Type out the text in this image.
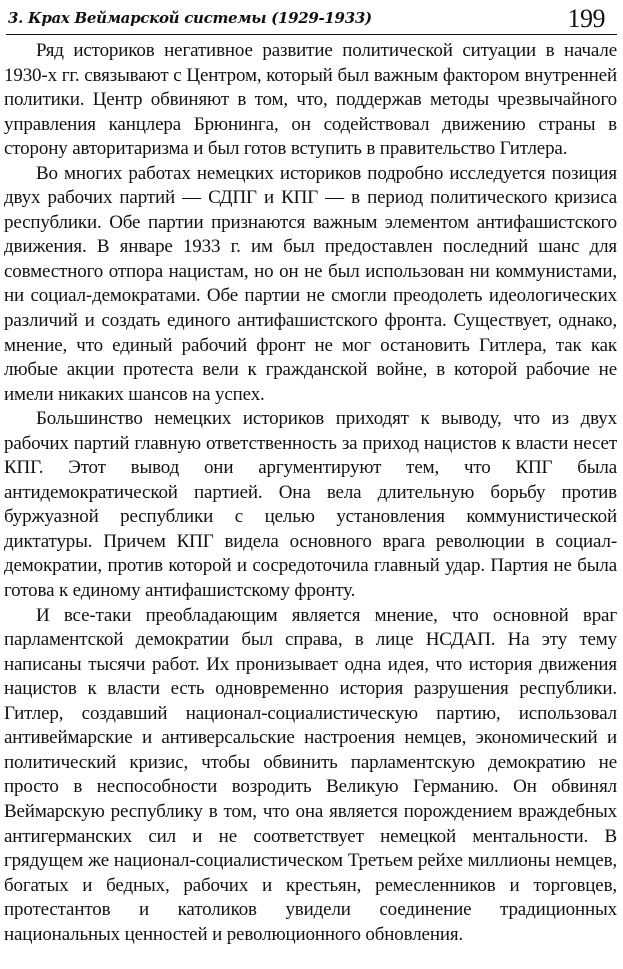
3. Крах Веймарской системы (1929-1933)	199

Ряд историков негативное развитие политической ситуации в начале 1930-х гг. связывают с Центром, который был важным фактором внутренней политики. Центр обвиняют в том, что, поддержав методы чрезвычайного управления канцлера Брюнинга, он содействовал движению страны в сторону авторитаризма и был готов вступить в правительство Гитлера.

Во многих работах немецких историков подробно исследуется позиция двух рабочих партий — СДПГ и КПГ — в период политического кризиса республики. Обе партии признаются важным элементом антифашистского движения. В январе 1933 г. им был предоставлен последний шанс для совместного отпора нацистам, но он не был использован ни коммунистами, ни социал-демократами. Обе партии не смогли преодолеть идеологических различий и создать единого антифашистского фронта. Существует, однако, мнение, что единый рабочий фронт не мог остановить Гитлера, так как любые акции протеста вели к гражданской войне, в которой рабочие не имели никаких шансов на успех.

Большинство немецких историков приходят к выводу, что из двух рабочих партий главную ответственность за приход нацистов к власти несет КПГ. Этот вывод они аргументируют тем, что КПГ была антидемократической партией. Она вела длительную борьбу против буржуазной республики с целью установления коммунистической диктатуры. Причем КПГ видела основного врага революции в социал-демократии, против которой и сосредоточила главный удар. Партия не была готова к единому антифашистскому фронту.

И все-таки преобладающим является мнение, что основной враг парламентской демократии был справа, в лице НСДАП. На эту тему написаны тысячи работ. Их пронизывает одна идея, что история движения нацистов к власти есть одновременно история разрушения республики. Гитлер, создавший национал-социалистическую партию, использовал антивеймарские и антиверсальские настроения немцев, экономический и политический кризис, чтобы обвинить парламентскую демократию не просто в неспособности возродить Великую Германию. Он обвинял Веймарскую республику в том, что она является порождением враждебных антигерманских сил и не соответствует немецкой ментальности. В грядущем же национал-социалистическом Третьем рейхе миллионы немцев, богатых и бедных, рабочих и крестьян, ремесленников и торговцев, протестантов и католиков увидели соединение традиционных национальных ценностей и революционного обновления.
